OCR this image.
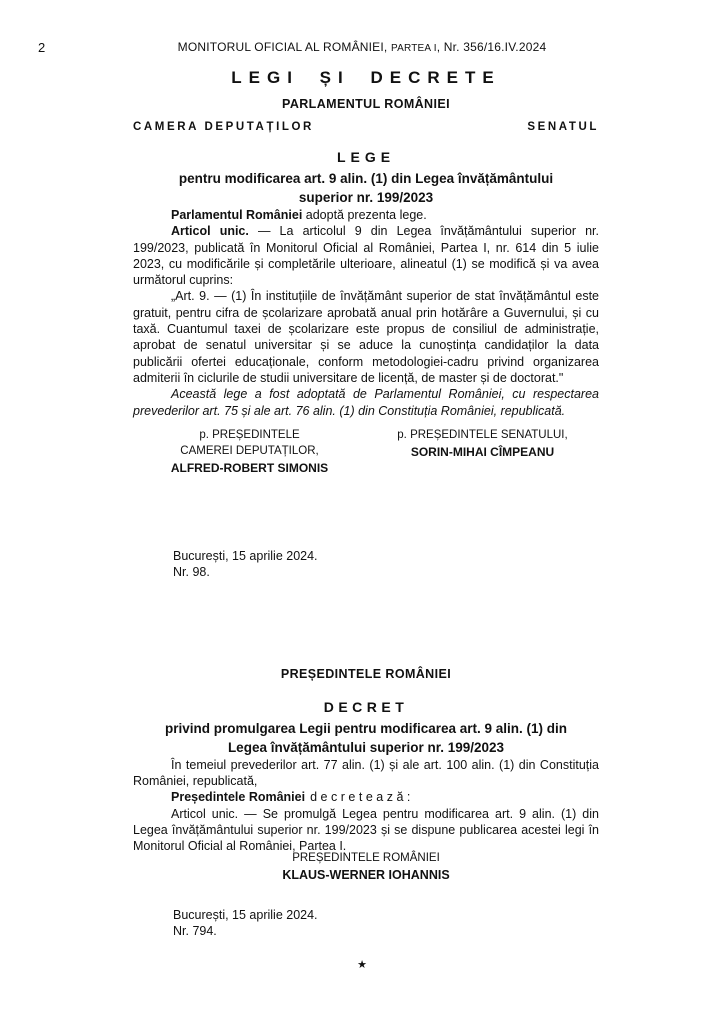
2	MONITORUL OFICIAL AL ROMÂNIEI, PARTEA I, Nr. 356/16.IV.2024
LEGI ȘI DECRETE
PARLAMENTUL ROMÂNIEI
CAMERA DEPUTAȚILOR	SENATUL
LEGE
pentru modificarea art. 9 alin. (1) din Legea învățământului superior nr. 199/2023

Parlamentul României adoptă prezenta lege.

Articol unic. — La articolul 9 din Legea învățământului superior nr. 199/2023, publicată în Monitorul Oficial al României, Partea I, nr. 614 din 5 iulie 2023, cu modificările și completările ulterioare, alineatul (1) se modifică și va avea următorul cuprins:

„Art. 9. — (1) În instituțiile de învățământ superior de stat învățământul este gratuit, pentru cifra de școlarizare aprobată anual prin hotărâre a Guvernului, și cu taxă. Cuantumul taxei de școlarizare este propus de consiliul de administrație, aprobat de senatul universitar și se aduce la cunoștința candidaților la data publicării ofertei educaționale, conform metodologiei-cadru privind organizarea admiterii în ciclurile de studii universitare de licență, de master și de doctorat."

Această lege a fost adoptată de Parlamentul României, cu respectarea prevederilor art. 75 și ale art. 76 alin. (1) din Constituția României, republicată.

p. PREȘEDINTELE
CAMEREI DEPUTAȚILOR,
ALFRED-ROBERT SIMONIS
p. PREȘEDINTELE SENATULUI,
SORIN-MIHAI CÎMPEANU
București, 15 aprilie 2024.
Nr. 98.
PREȘEDINTELE ROMÂNIEI
DECRET
privind promulgarea Legii pentru modificarea art. 9 alin. (1) din Legea învățământului superior nr. 199/2023

În temeiul prevederilor art. 77 alin. (1) și ale art. 100 alin. (1) din Constituția României, republicată,

Președintele României decretează:

Articol unic. — Se promulgă Legea pentru modificarea art. 9 alin. (1) din Legea învățământului superior nr. 199/2023 și se dispune publicarea acestei legi în Monitorul Oficial al României, Partea I.

PREȘEDINTELE ROMÂNIEI
KLAUS-WERNER IOHANNIS
București, 15 aprilie 2024.
Nr. 794.
★
